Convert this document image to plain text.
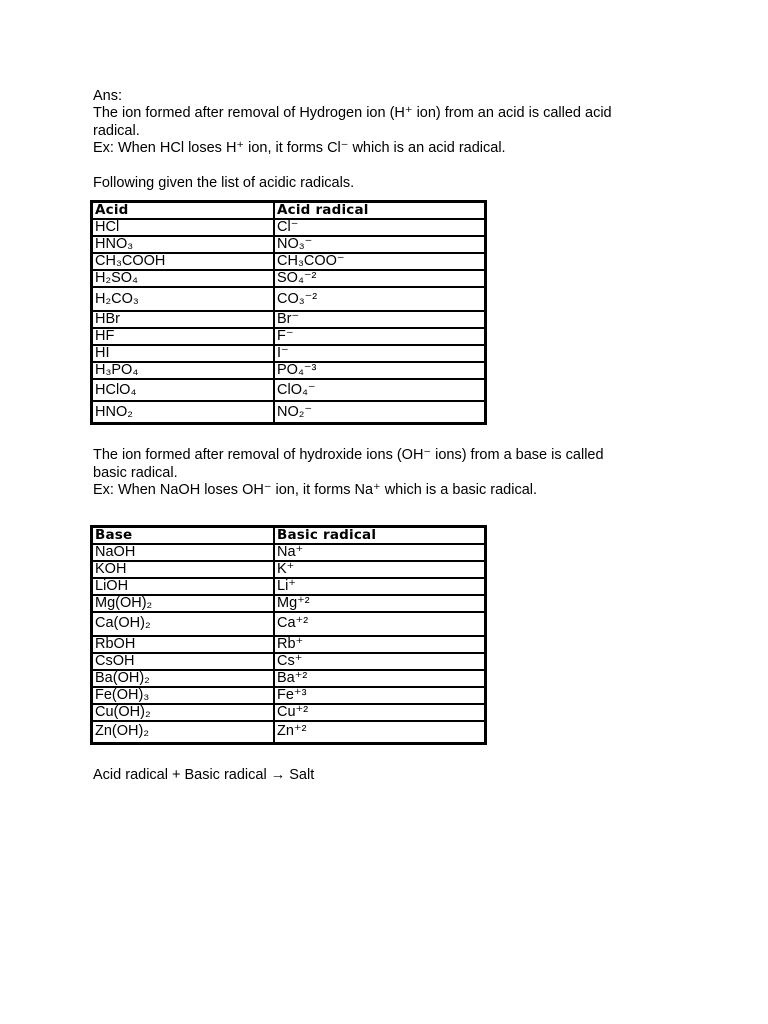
Ans:

The ion formed after removal of Hydrogen ion (H⁺ ion) from an acid is called acid

radical.

Ex: When HCl loses H⁺ ion, it forms Cl⁻ which is an acid radical.

Following given the list of acidic radicals.

Acid	Acid radical
HCl	Cl⁻
HNO₃	NO₃⁻
CH₃COOH	CH₃COO⁻
H₂SO₄	SO₄⁻²
H₂CO₃	CO₃⁻²
HBr	Br⁻
HF	F⁻
HI	I⁻
H₃PO₄	PO₄⁻³
HClO₄	ClO₄⁻
HNO₂	NO₂⁻

The ion formed after removal of hydroxide ions (OH⁻ ions) from a base is called

basic radical.

Ex: When NaOH loses OH⁻ ion, it forms Na⁺ which is a basic radical.

Base	Basic radical
NaOH	Na⁺
KOH	K⁺
LiOH	Li⁺
Mg(OH)₂	Mg⁺²
Ca(OH)₂	Ca⁺²
RbOH	Rb⁺
CsOH	Cs⁺
Ba(OH)₂	Ba⁺²
Fe(OH)₃	Fe⁺³
Cu(OH)₂	Cu⁺²
Zn(OH)₂	Zn⁺²

Acid radical + Basic radical → Salt
